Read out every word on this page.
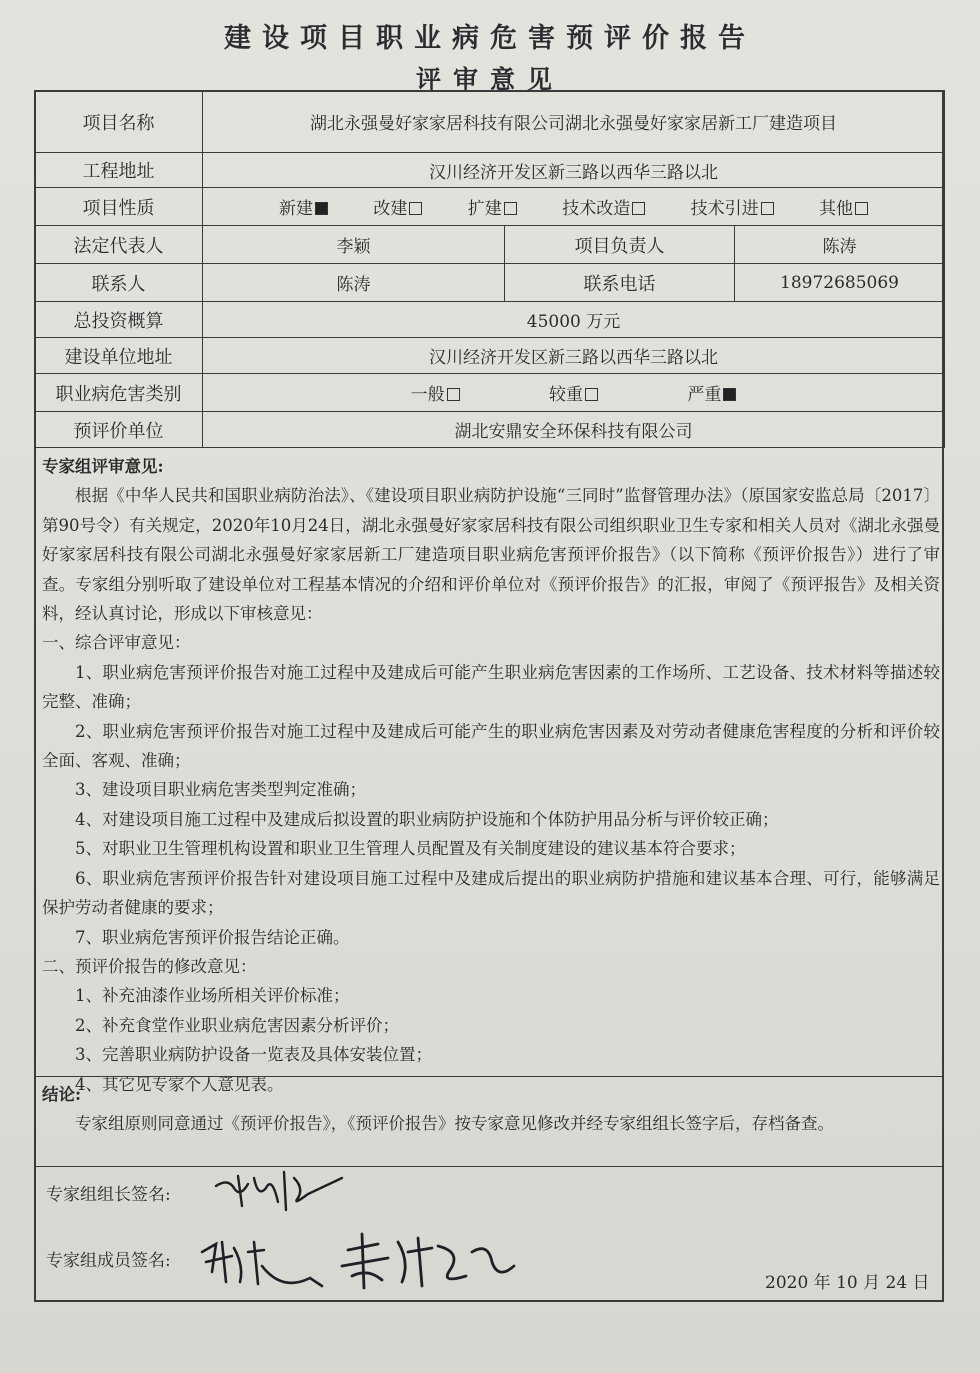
建设项目职业病危害预评价报告
评审意见
项目名称	湖北永强曼好家家居科技有限公司湖北永强曼好家家居新工厂建造项目		
工程地址	汉川经济开发区新三路以西华三路以北		
项目性质	新建 改建 扩建 技术改造 技术引进 其他		
法定代表人	李颖	项目负责人	陈涛
联系人	陈涛	联系电话	18972685069
总投资概算	45000 万元		
建设单位地址	汉川经济开发区新三路以西华三路以北		
职业病危害类别	一般 较重 严重		
预评价单位	湖北安鼎安全环保科技有限公司		

专家组评审意见:

根据《中华人民共和国职业病防治法》、《建设项目职业病防护设施“三同时”监督管理办法》（原国家安监总局〔2017〕第90号令）有关规定，2020年10月24日，湖北永强曼好家家居科技有限公司组织职业卫生专家和相关人员对《湖北永强曼好家家居科技有限公司湖北永强曼好家家居新工厂建造项目职业病危害预评价报告》（以下简称《预评价报告》）进行了审查。专家组分别听取了建设单位对工程基本情况的介绍和评价单位对《预评价报告》的汇报，审阅了《预评报告》及相关资料，经认真讨论，形成以下审核意见：

一、综合评审意见：

1、职业病危害预评价报告对施工过程中及建成后可能产生职业病危害因素的工作场所、工艺设备、技术材料等描述较完整、准确；

2、职业病危害预评价报告对施工过程中及建成后可能产生的职业病危害因素及对劳动者健康危害程度的分析和评价较全面、客观、准确；

3、建设项目职业病危害类型判定准确；

4、对建设项目施工过程中及建成后拟设置的职业病防护设施和个体防护用品分析与评价较正确；

5、对职业卫生管理机构设置和职业卫生管理人员配置及有关制度建设的建议基本符合要求；

6、职业病危害预评价报告针对建设项目施工过程中及建成后提出的职业病防护措施和建议基本合理、可行，能够满足保护劳动者健康的要求；

7、职业病危害预评价报告结论正确。

二、预评价报告的修改意见：

1、补充油漆作业场所相关评价标准；

2、补充食堂作业职业病危害因素分析评价；

3、完善职业病防护设备一览表及具体安装位置；

4、其它见专家个人意见表。

结论:

专家组原则同意通过《预评价报告》，《预评价报告》按专家意见修改并经专家组组长签字后，存档备查。

专家组组长签名:
专家组成员签名:
2020 年 10 月 24 日
